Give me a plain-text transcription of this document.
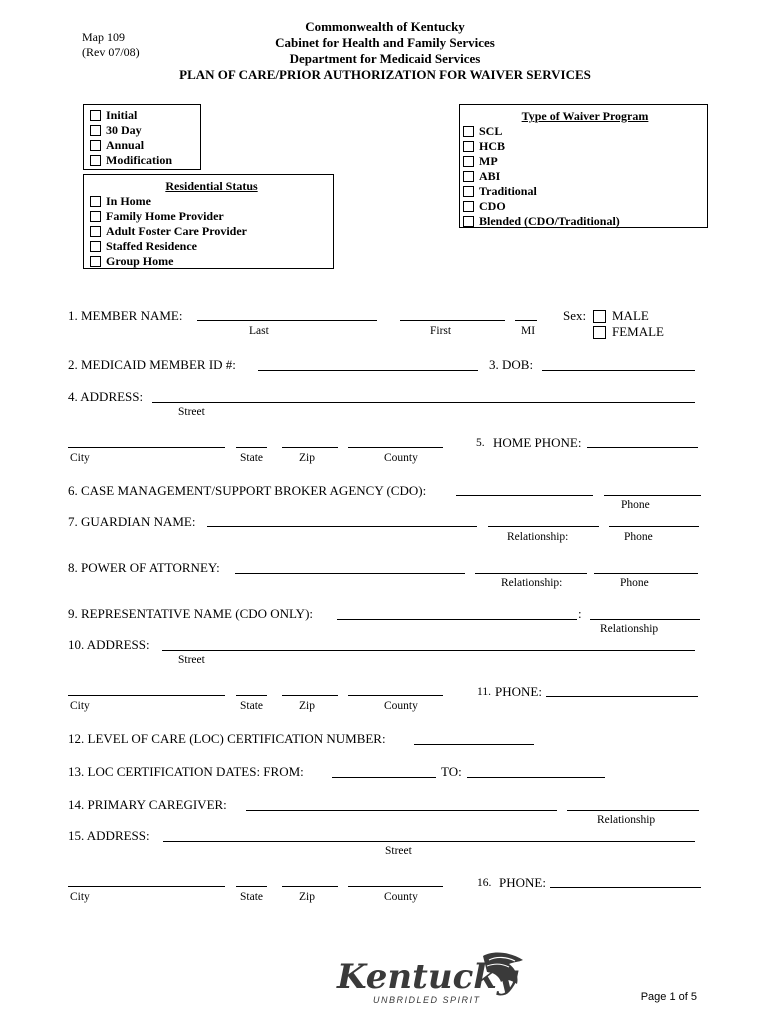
Map 109
(Rev 07/08)
Commonwealth of Kentucky
Cabinet for Health and Family Services
Department for Medicaid Services
PLAN OF CARE/PRIOR AUTHORIZATION FOR WAIVER SERVICES
Initial
30 Day
Annual
Modification
Residential Status
In Home
Family Home Provider
Adult Foster Care Provider
Staffed Residence
Group Home
Type of Waiver Program
SCL
HCB
MP
ABI
Traditional
CDO
Blended (CDO/Traditional)
1. MEMBER NAME:
Last	First	MI
Sex: MALE
FEMALE
2. MEDICAID MEMBER ID #:	3. DOB:
4. ADDRESS:
Street
City	State	Zip	County
5. HOME PHONE:
6. CASE MANAGEMENT/SUPPORT BROKER AGENCY (CDO):
Phone
7. GUARDIAN NAME:
Relationship:	Phone
8. POWER OF ATTORNEY:
Relationship:	Phone
9. REPRESENTATIVE NAME (CDO ONLY):	:
Relationship
10. ADDRESS:
Street
City	State	Zip	County
11. PHONE:
12. LEVEL OF CARE (LOC) CERTIFICATION NUMBER:
13. LOC CERTIFICATION DATES: FROM:	TO:
14. PRIMARY CAREGIVER:
Relationship
15. ADDRESS:
Street
City	State	Zip	County
16. PHONE:
Kentucky
UNBRIDLED SPIRIT	Page 1 of 5
